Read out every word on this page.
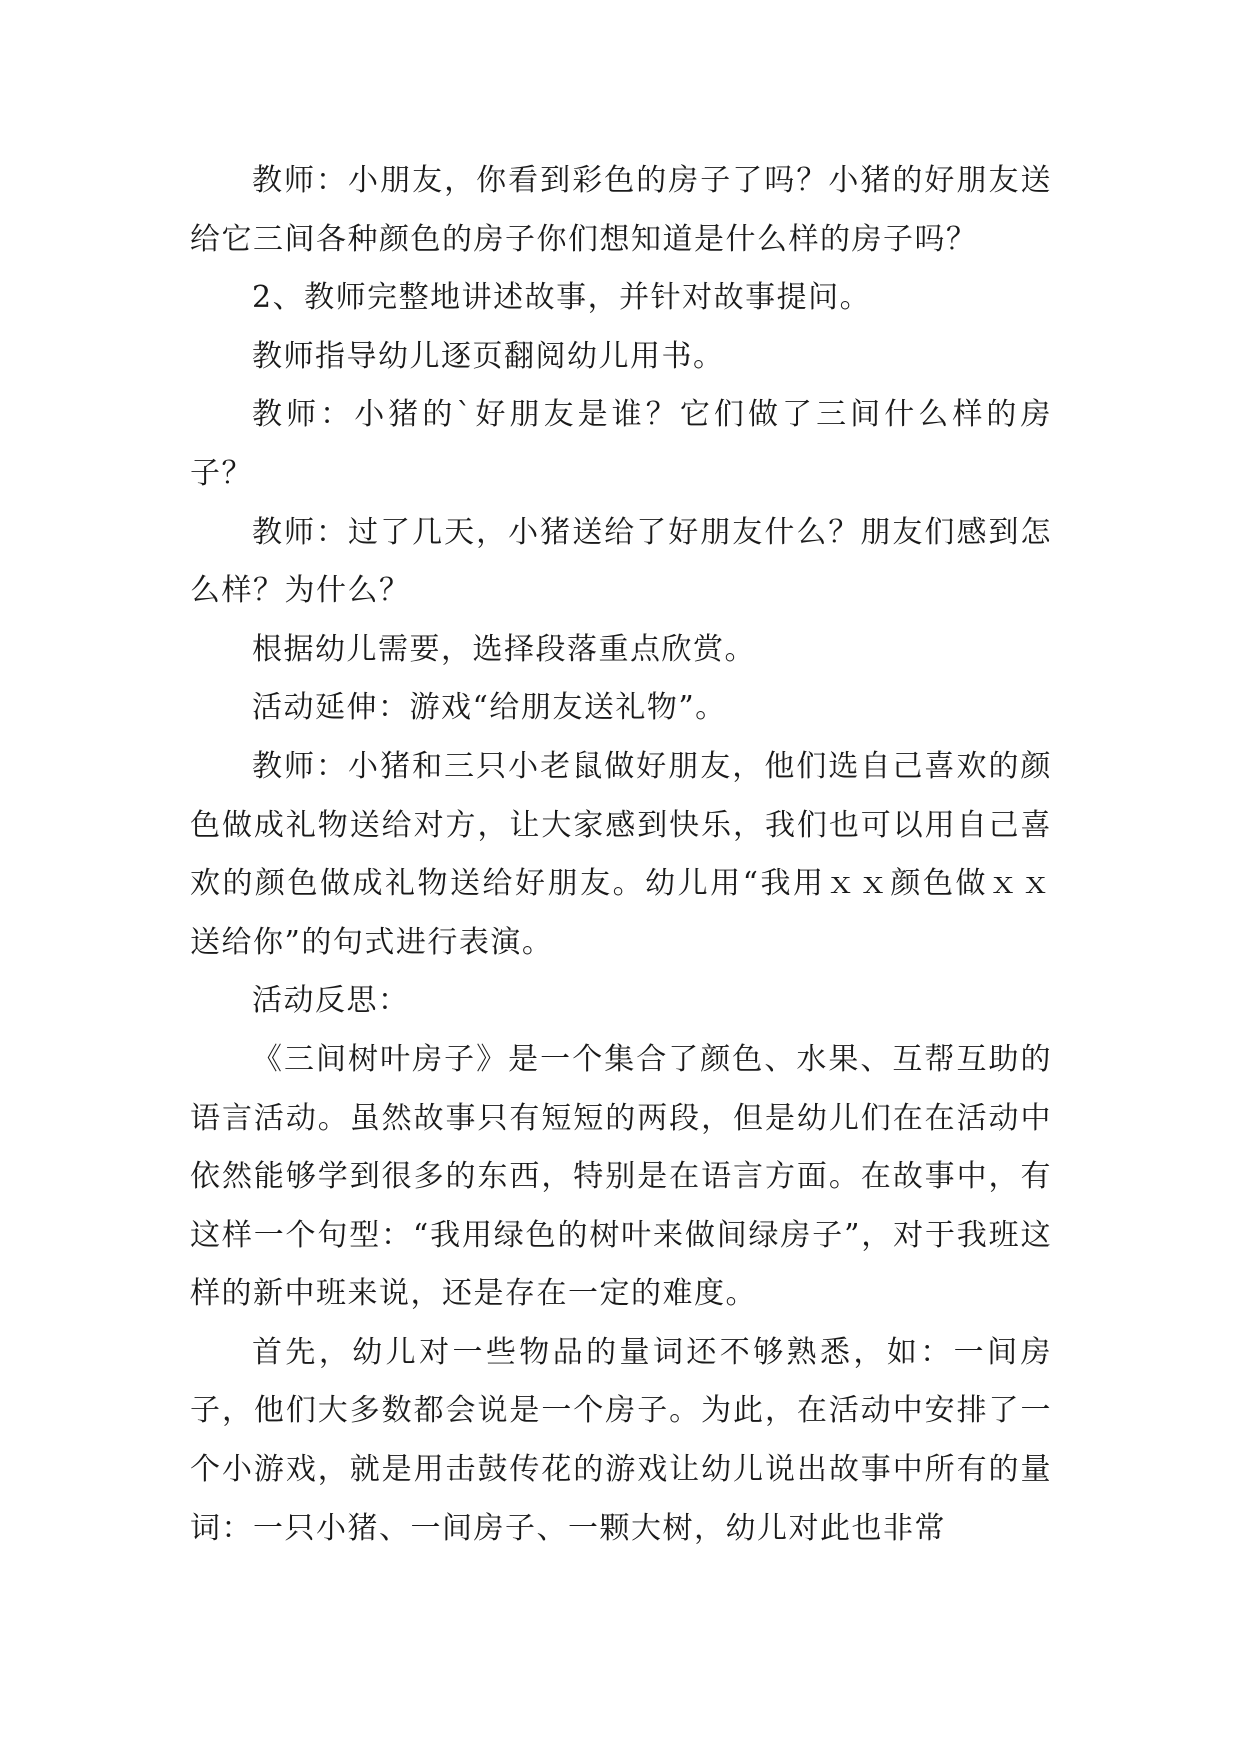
教师：小朋友，你看到彩色的房子了吗？小猪的好朋友送给它三间各种颜色的房子你们想知道是什么样的房子吗？

2、教师完整地讲述故事，并针对故事提问。

教师指导幼儿逐页翻阅幼儿用书。

教师：小猪的`好朋友是谁？它们做了三间什么样的房子？

教师：过了几天，小猪送给了好朋友什么？朋友们感到怎么样？为什么？

根据幼儿需要，选择段落重点欣赏。

活动延伸：游戏“给朋友送礼物”。

教师：小猪和三只小老鼠做好朋友，他们选自己喜欢的颜色做成礼物送给对方，让大家感到快乐，我们也可以用自己喜欢的颜色做成礼物送给好朋友。幼儿用“我用ｘｘ颜色做ｘｘ送给你”的句式进行表演。

活动反思：

《三间树叶房子》是一个集合了颜色、水果、互帮互助的语言活动。虽然故事只有短短的两段，但是幼儿们在在活动中依然能够学到很多的东西，特别是在语言方面。在故事中，有这样一个句型：“我用绿色的树叶来做间绿房子”，对于我班这样的新中班来说，还是存在一定的难度。

首先，幼儿对一些物品的量词还不够熟悉，如：一间房子，他们大多数都会说是一个房子。为此，在活动中安排了一个小游戏，就是用击鼓传花的游戏让幼儿说出故事中所有的量词：一只小猪、一间房子、一颗大树，幼儿对此也非常
